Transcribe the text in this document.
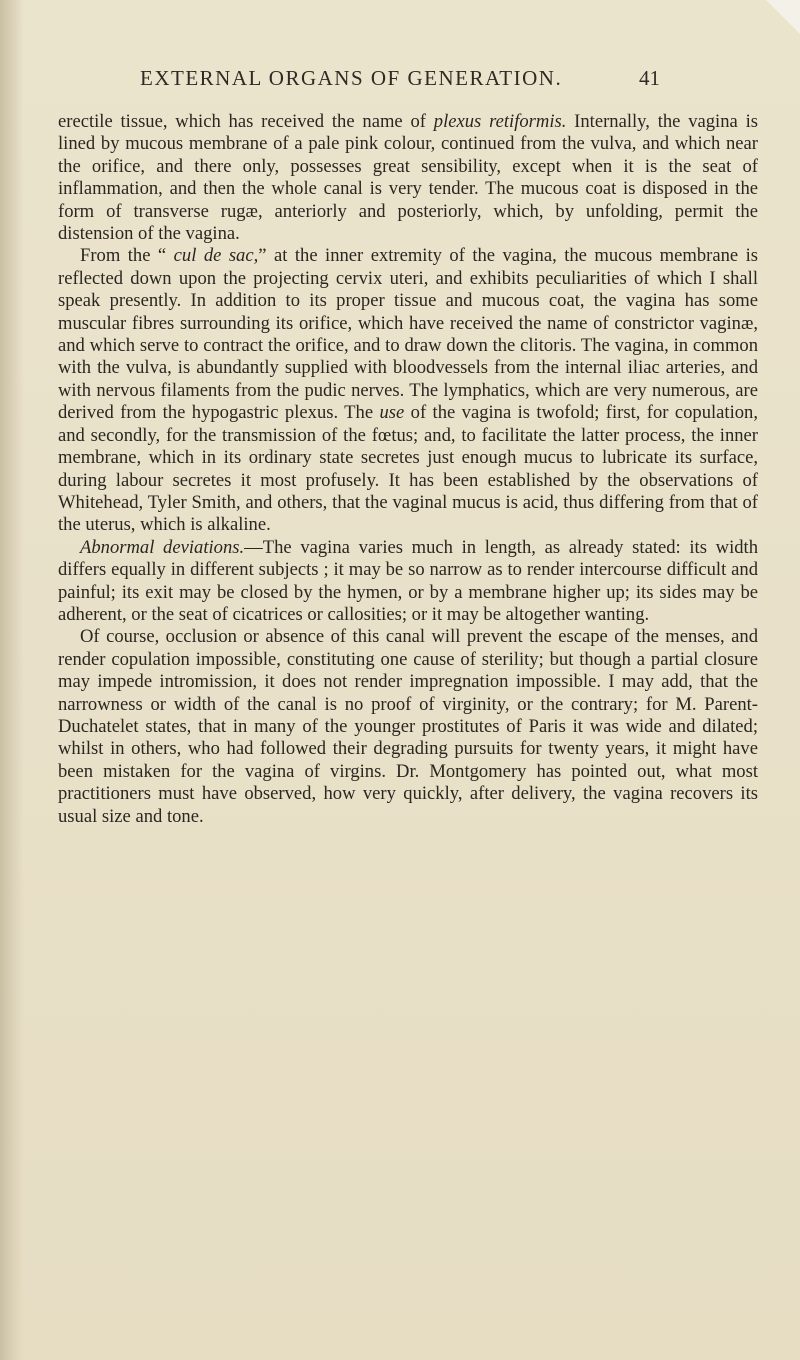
EXTERNAL ORGANS OF GENERATION.	41

erectile tissue, which has received the name of plexus retiformis. Internally, the vagina is lined by mucous membrane of a pale pink colour, continued from the vulva, and which near the orifice, and there only, possesses great sensibility, except when it is the seat of inflammation, and then the whole canal is very tender. The mucous coat is disposed in the form of transverse rugæ, anteriorly and posteriorly, which, by unfolding, permit the distension of the vagina.

From the “ cul de sac,” at the inner extremity of the vagina, the mucous membrane is reflected down upon the projecting cervix uteri, and exhibits peculiarities of which I shall speak presently. In addition to its proper tissue and mucous coat, the vagina has some muscular fibres surrounding its orifice, which have received the name of constrictor vaginæ, and which serve to contract the orifice, and to draw down the clitoris. The vagina, in common with the vulva, is abundantly supplied with bloodvessels from the internal iliac arteries, and with nervous filaments from the pudic nerves. The lymphatics, which are very numerous, are derived from the hypogastric plexus. The use of the vagina is twofold; first, for copulation, and secondly, for the transmission of the fœtus; and, to facilitate the latter process, the inner membrane, which in its ordinary state secretes just enough mucus to lubricate its surface, during labour secretes it most profusely. It has been established by the observations of Whitehead, Tyler Smith, and others, that the vaginal mucus is acid, thus differing from that of the uterus, which is alkaline.

Abnormal deviations.—The vagina varies much in length, as already stated: its width differs equally in different subjects ; it may be so narrow as to render intercourse difficult and painful; its exit may be closed by the hymen, or by a membrane higher up; its sides may be adherent, or the seat of cicatrices or callosities; or it may be altogether wanting.

Of course, occlusion or absence of this canal will prevent the escape of the menses, and render copulation impossible, constituting one cause of sterility; but though a partial closure may impede intromission, it does not render impregnation impossible. I may add, that the narrowness or width of the canal is no proof of virginity, or the contrary; for M. Parent-Duchatelet states, that in many of the younger prostitutes of Paris it was wide and dilated; whilst in others, who had followed their degrading pursuits for twenty years, it might have been mistaken for the vagina of virgins. Dr. Montgomery has pointed out, what most practitioners must have observed, how very quickly, after delivery, the vagina recovers its usual size and tone.
